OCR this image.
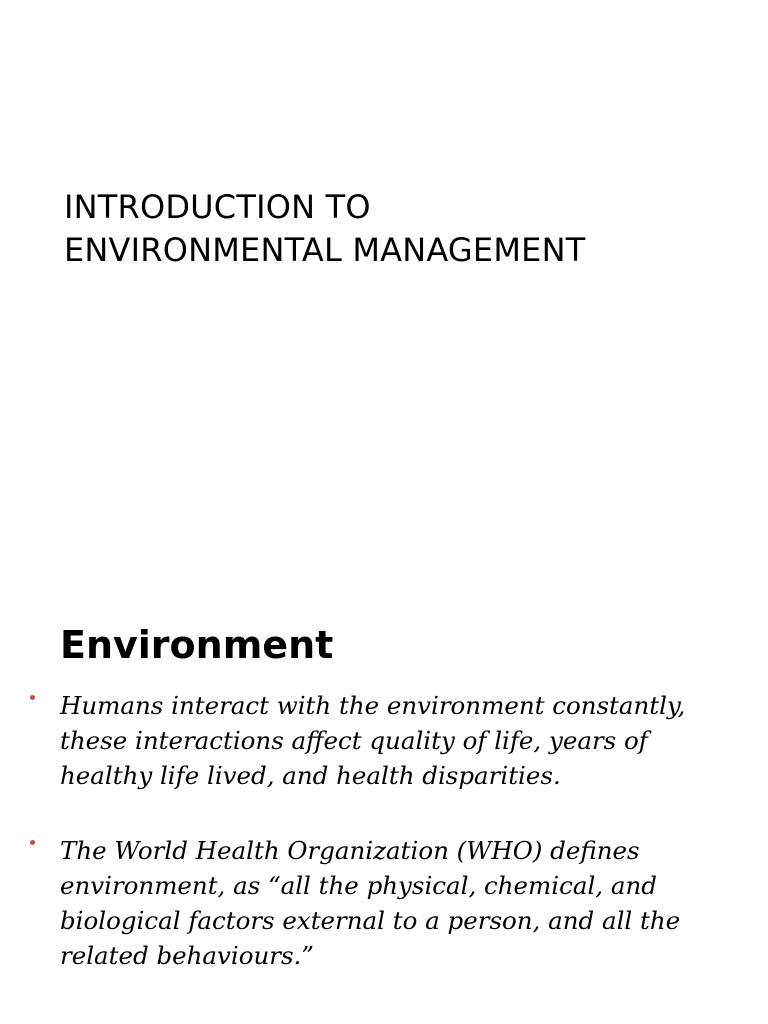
INTRODUCTION TO
ENVIRONMENTAL MANAGEMENT
Environment
Humans interact with the environment constantly, these interactions affect quality of life, years of healthy life lived, and health disparities.
The World Health Organization (WHO) defines environment, as “all the physical, chemical, and biological factors external to a person, and all the related behaviours.”
